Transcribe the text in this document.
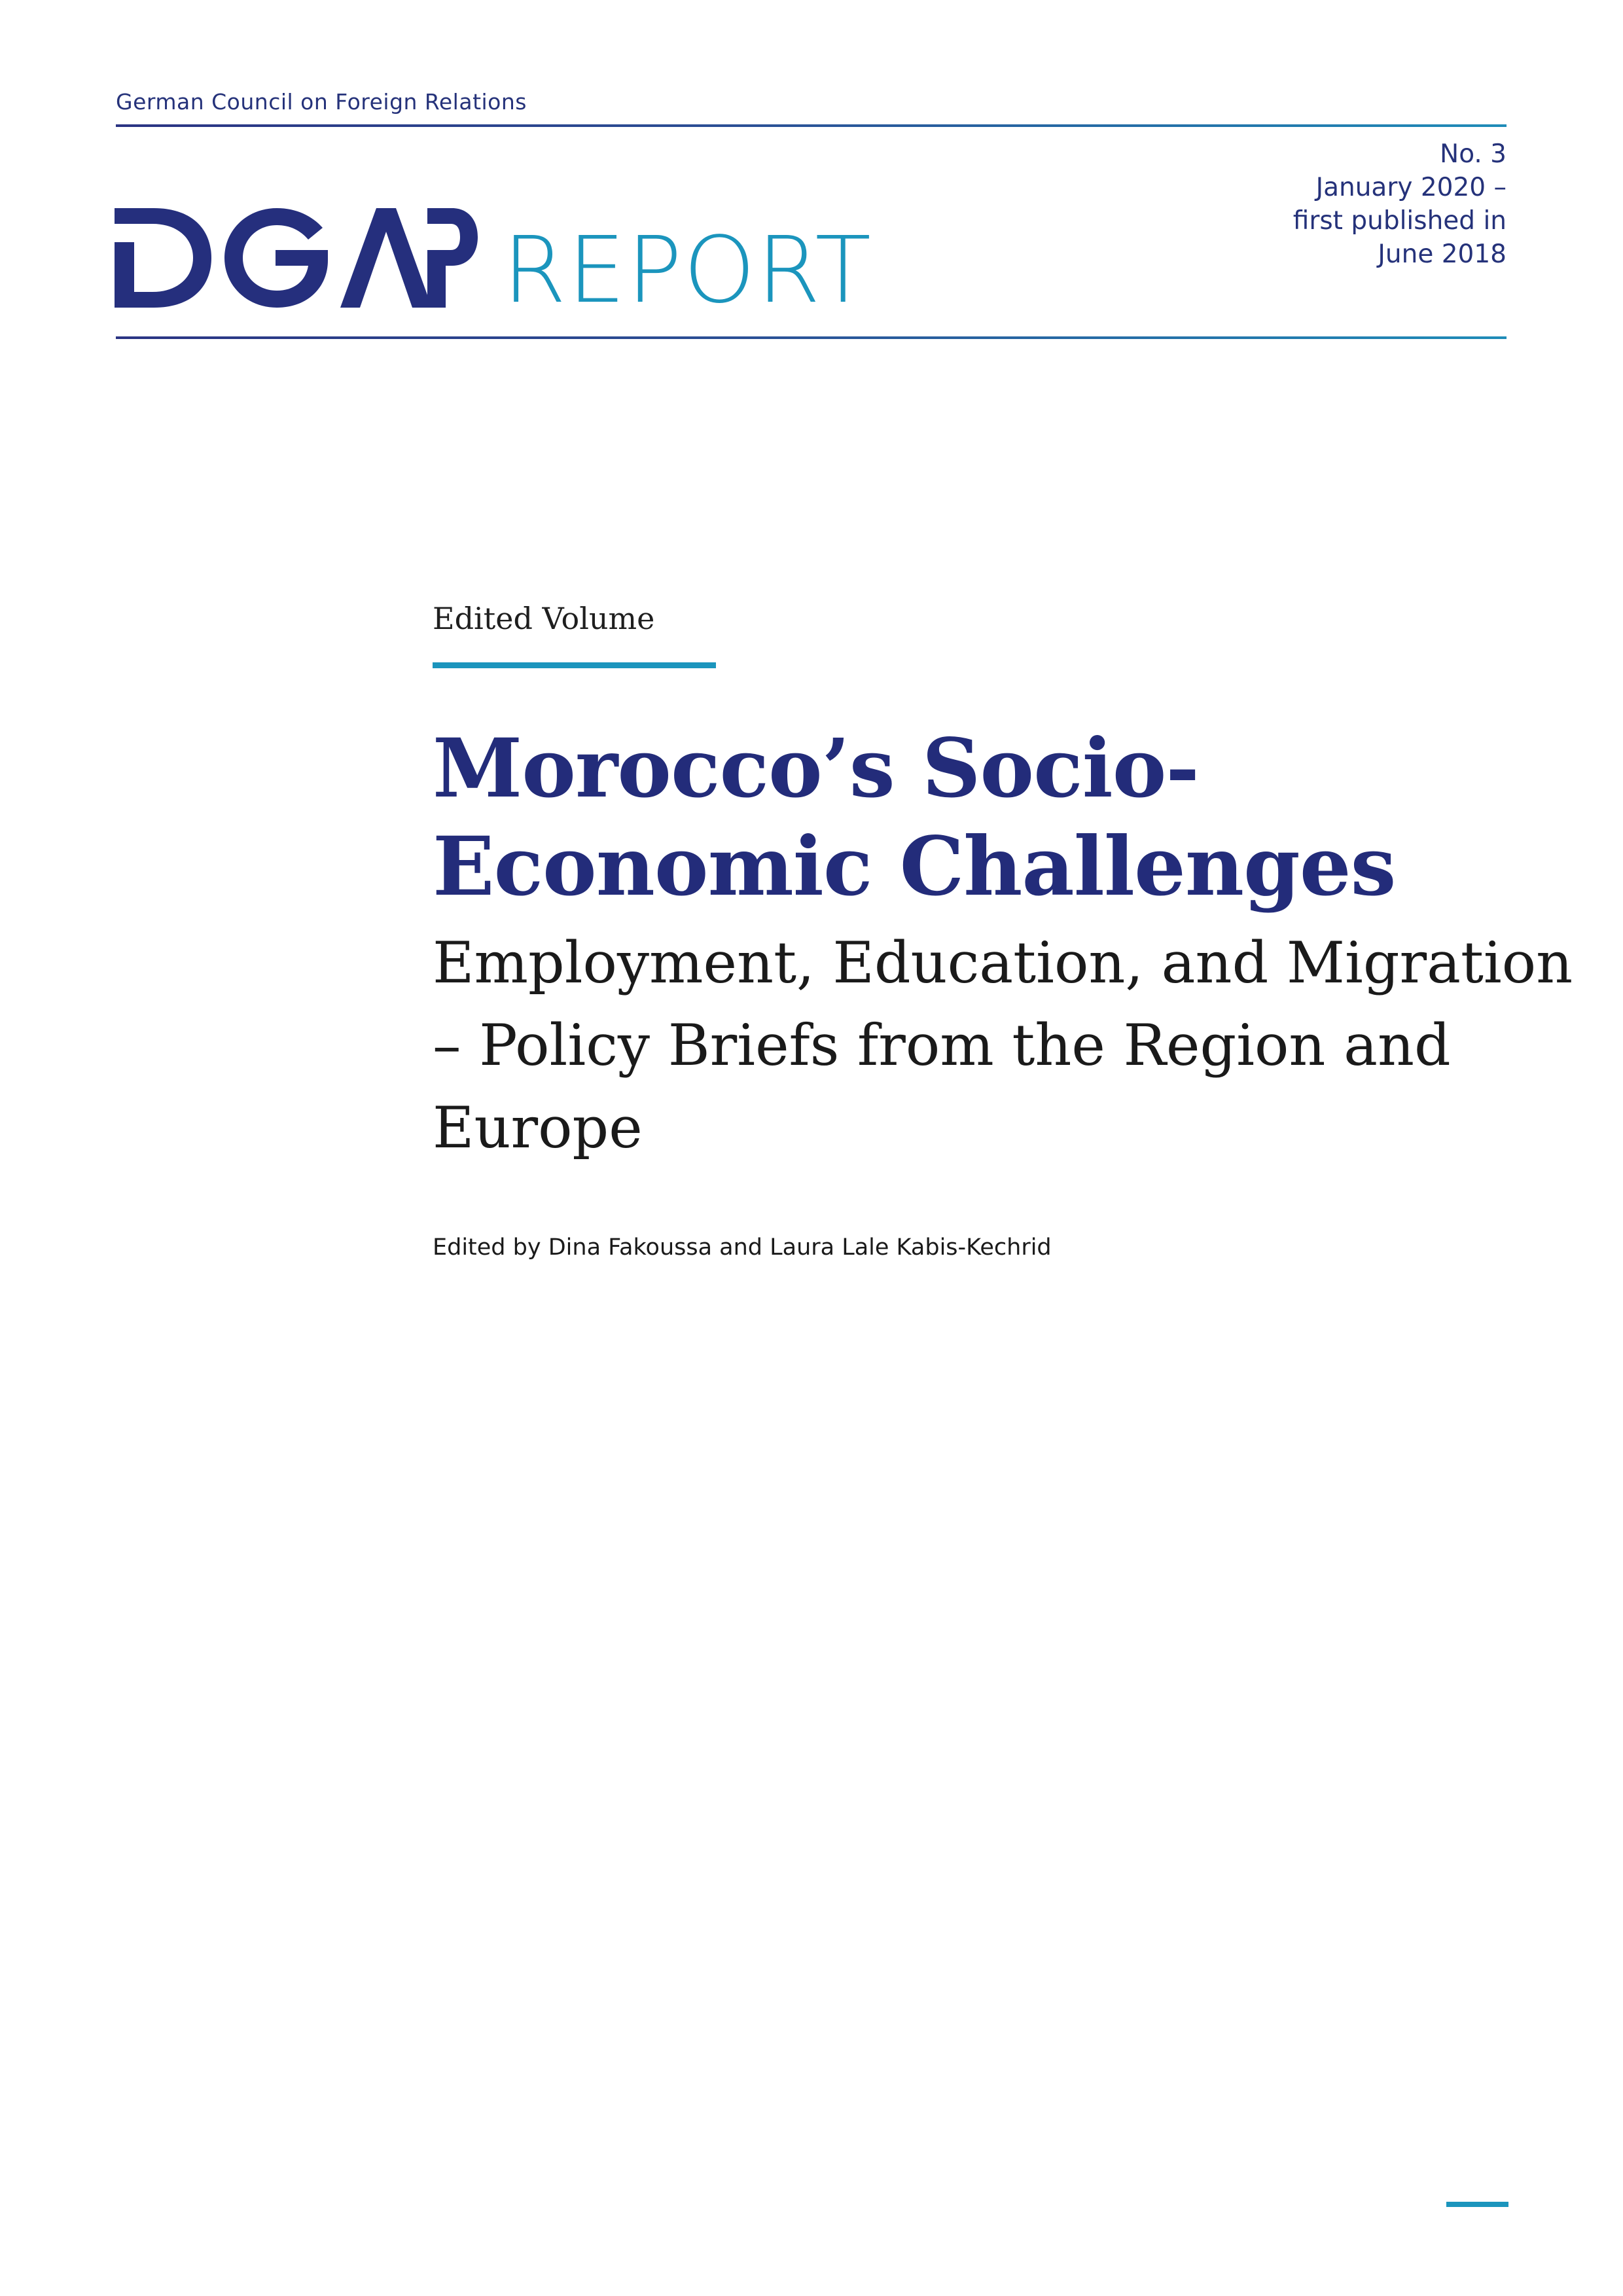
German Council on Foreign Relations
REPORT
No. 3
January 2020 –
first published in
June 2018
Edited Volume
Morocco’s Socio-
Economic Challenges
Employment, Education, and Migration
– Policy Briefs from the Region and
Europe
Edited by Dina Fakoussa and Laura Lale Kabis-Kechrid
